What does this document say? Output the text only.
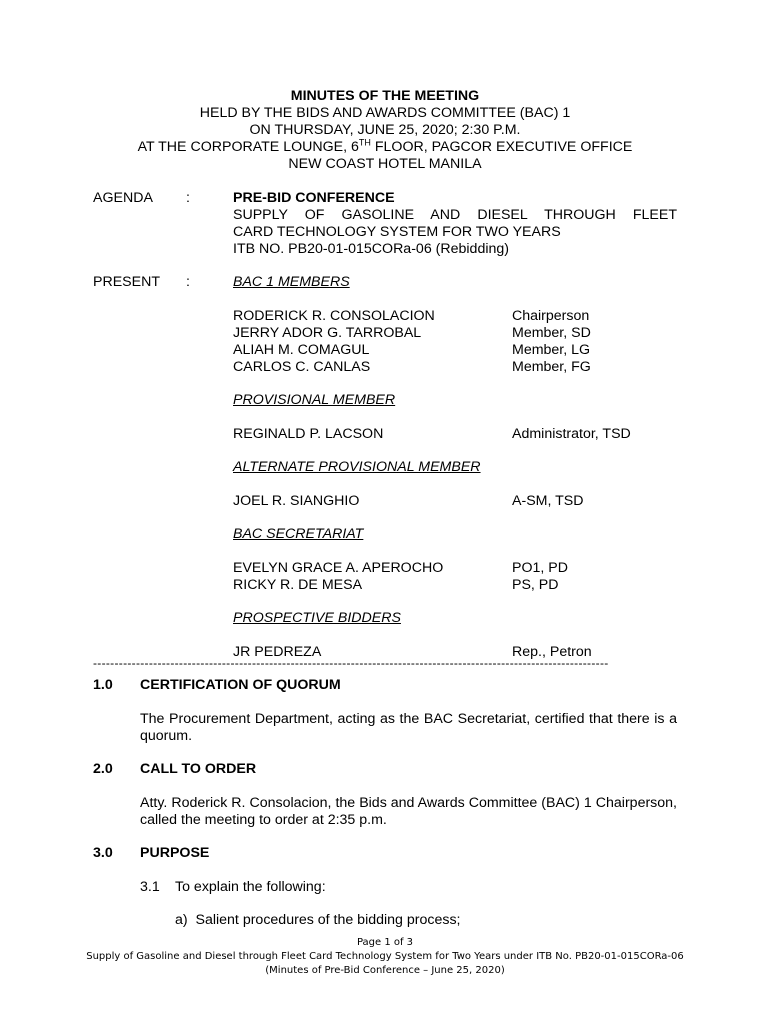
MINUTES OF THE MEETING
HELD BY THE BIDS AND AWARDS COMMITTEE (BAC) 1
ON THURSDAY, JUNE 25, 2020; 2:30 P.M.
AT THE CORPORATE LOUNGE, 6TH FLOOR, PAGCOR EXECUTIVE OFFICE
NEW COAST HOTEL MANILA
AGENDA :	PRE-BID CONFERENCE
SUPPLY OF GASOLINE AND DIESEL THROUGH FLEET
CARD TECHNOLOGY SYSTEM FOR TWO YEARS
ITB NO. PB20-01-015CORa-06 (Rebidding)
PRESENT :	BAC 1 MEMBERS
RODERICK R. CONSOLACION	Chairperson
JERRY ADOR G. TARROBAL	Member, SD
ALIAH M. COMAGUL	Member, LG
CARLOS C. CANLAS	Member, FG
PROVISIONAL MEMBER
REGINALD P. LACSON	Administrator, TSD
ALTERNATE PROVISIONAL MEMBER
JOEL R. SIANGHIO	A-SM, TSD
BAC SECRETARIAT
EVELYN GRACE A. APEROCHO	PO1, PD
RICKY R. DE MESA	PS, PD
PROSPECTIVE BIDDERS
JR PEDREZA	Rep., Petron
------------------------------------------------------------------------------------------------------------------------
1.0 CERTIFICATION OF QUORUM
The Procurement Department, acting as the BAC Secretariat, certified that there is a quorum.
2.0 CALL TO ORDER
Atty. Roderick R. Consolacion, the Bids and Awards Committee (BAC) 1 Chairperson, called the meeting to order at 2:35 p.m.
3.0 PURPOSE
3.1 To explain the following:
a)  Salient procedures of the bidding process;
Page 1 of 3
Supply of Gasoline and Diesel through Fleet Card Technology System for Two Years under ITB No. PB20-01-015CORa-06
(Minutes of Pre-Bid Conference – June 25, 2020)
